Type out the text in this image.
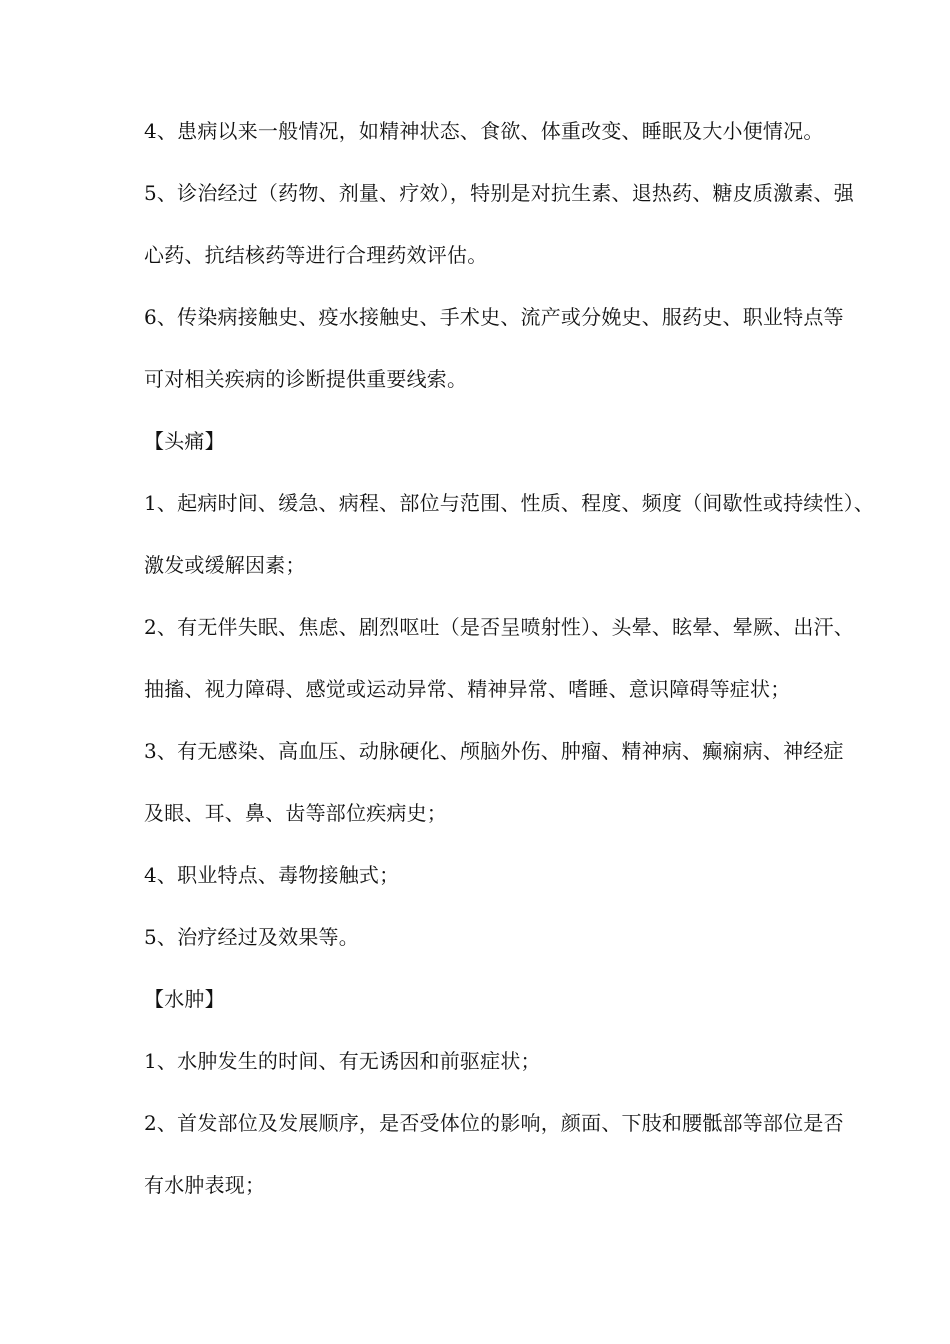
4、患病以来一般情况，如精神状态、食欲、体重改变、睡眠及大小便情况。
5、诊治经过（药物、剂量、疗效），特别是对抗生素、退热药、糖皮质激素、强
心药、抗结核药等进行合理药效评估。
6、传染病接触史、疫水接触史、手术史、流产或分娩史、服药史、职业特点等
可对相关疾病的诊断提供重要线索。
【头痛】
1、起病时间、缓急、病程、部位与范围、性质、程度、频度（间歇性或持续性）、
激发或缓解因素；
2、有无伴失眠、焦虑、剧烈呕吐（是否呈喷射性）、头晕、眩晕、晕厥、出汗、
抽搐、视力障碍、感觉或运动异常、精神异常、嗜睡、意识障碍等症状；
3、有无感染、高血压、动脉硬化、颅脑外伤、肿瘤、精神病、癫痫病、神经症
及眼、耳、鼻、齿等部位疾病史；
4、职业特点、毒物接触式；
5、治疗经过及效果等。
【水肿】
1、水肿发生的时间、有无诱因和前驱症状；
2、首发部位及发展顺序，是否受体位的影响，颜面、下肢和腰骶部等部位是否
有水肿表现；
